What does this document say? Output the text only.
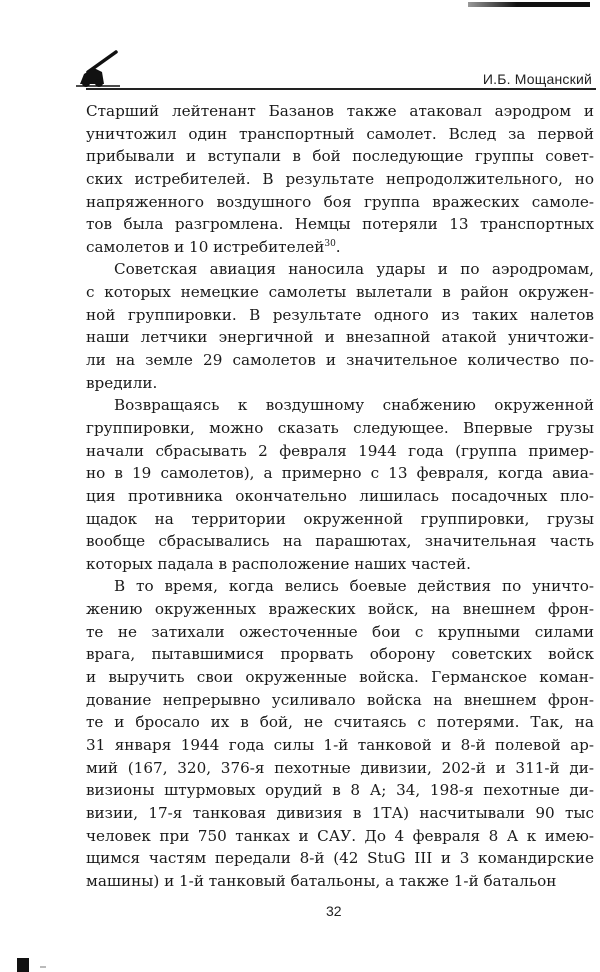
И.Б. Мощанский
Старший лейтенант Базанов также атаковал аэродром и
уничтожил один транспортный самолет. Вслед за первой
прибывали и вступали в бой последующие группы совет-
ских истребителей. В результате непродолжительного, но
напряженного воздушного боя группа вражеских самоле-
тов была разгромлена. Немцы потеряли 13 транспортных
самолетов и 10 истребителей$^{30}$.
Советская авиация наносила удары и по аэродромам,
с которых немецкие самолеты вылетали в район окружен-
ной группировки. В результате одного из таких налетов
наши летчики энергичной и внезапной атакой уничтожи-
ли на земле 29 самолетов и значительное количество по-
вредили.
Возвращаясь к воздушному снабжению окруженной
группировки, можно сказать следующее. Впервые грузы
начали сбрасывать 2 февраля 1944 года (группа пример-
но в 19 самолетов), а примерно с 13 февраля, когда авиа-
ция противника окончательно лишилась посадочных пло-
щадок на территории окруженной группировки, грузы
вообще сбрасывались на парашютах, значительная часть
которых падала в расположение наших частей.
В то время, когда велись боевые действия по уничто-
жению окруженных вражеских войск, на внешнем фрон-
те не затихали ожесточенные бои с крупными силами
врага, пытавшимися прорвать оборону советских войск
и выручить свои окруженные войска. Германское коман-
дование непрерывно усиливало войска на внешнем фрон-
те и бросало их в бой, не считаясь с потерями. Так, на
31 января 1944 года силы 1-й танковой и 8-й полевой ар-
мий (167, 320, 376-я пехотные дивизии, 202-й и 311-й ди-
визионы штурмовых орудий в 8 А; 34, 198-я пехотные ди-
визии, 17-я танковая дивизия в 1ТА) насчитывали 90 тыс
человек при 750 танках и САУ. До 4 февраля 8 А к имею-
щимся частям передали 8-й (42 StuG III и 3 командирские
машины) и 1-й танковый батальоны, а также 1-й батальон
32
